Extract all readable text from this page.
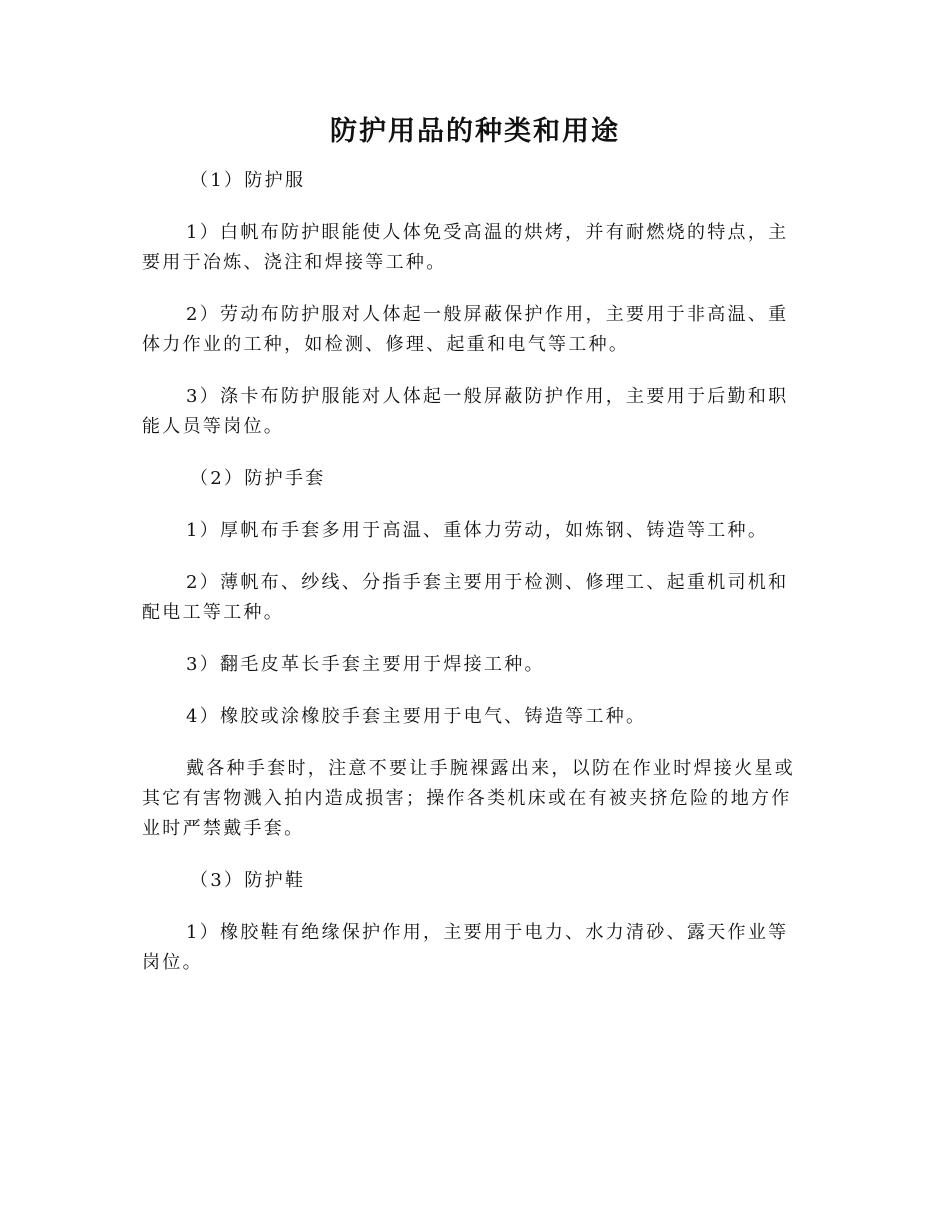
防护用品的种类和用途

（1）防护服

1）白帆布防护眼能使人体免受高温的烘烤，并有耐燃烧的特点，主要用于冶炼、浇注和焊接等工种。

2）劳动布防护服对人体起一般屏蔽保护作用，主要用于非高温、重体力作业的工种，如检测、修理、起重和电气等工种。

3）涤卡布防护服能对人体起一般屏蔽防护作用，主要用于后勤和职能人员等岗位。

（2）防护手套

1）厚帆布手套多用于高温、重体力劳动，如炼钢、铸造等工种。

2）薄帆布、纱线、分指手套主要用于检测、修理工、起重机司机和配电工等工种。

3）翻毛皮革长手套主要用于焊接工种。

4）橡胶或涂橡胶手套主要用于电气、铸造等工种。

戴各种手套时，注意不要让手腕裸露出来，以防在作业时焊接火星或其它有害物溅入拍内造成损害；操作各类机床或在有被夹挤危险的地方作业时严禁戴手套。

（3）防护鞋

1）橡胶鞋有绝缘保护作用，主要用于电力、水力清砂、露天作业等岗位。
